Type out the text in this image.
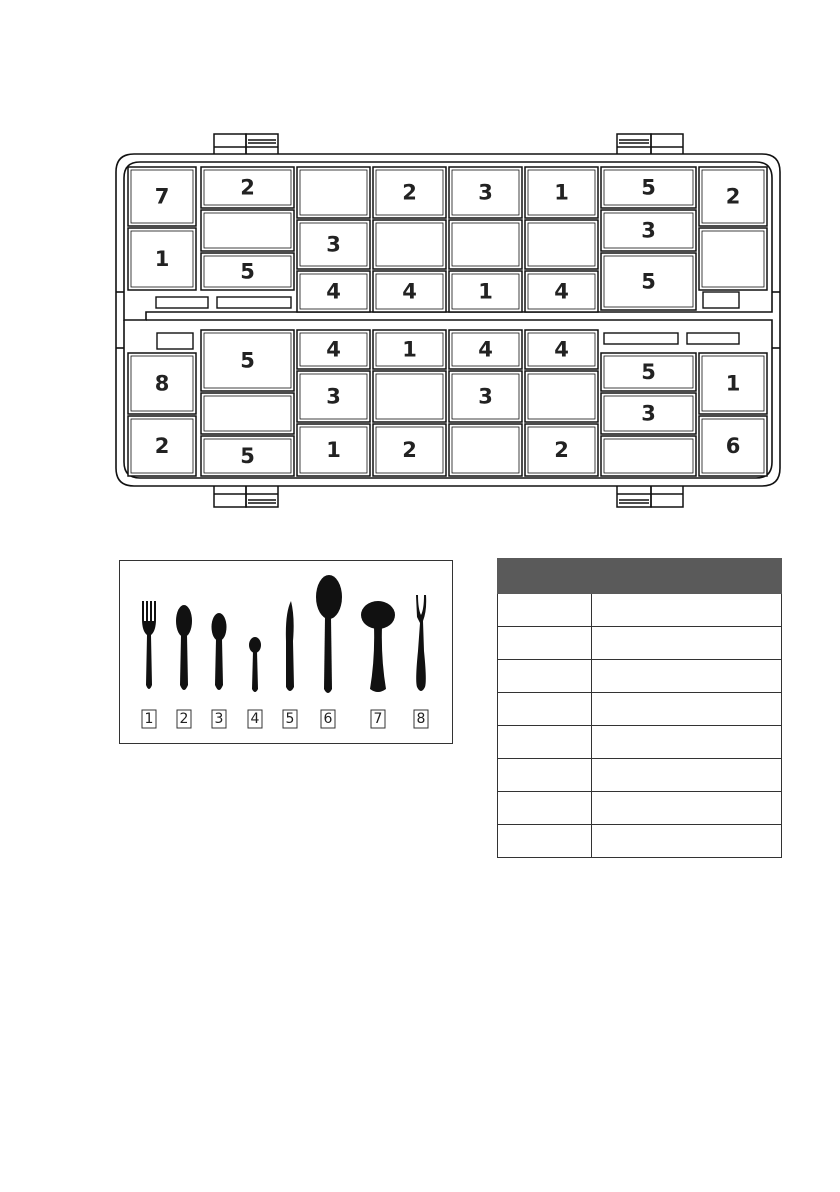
7
1
2
5
3
4
2
4
3
1
1
4
5
3
5
2
8
2
5
5
4
3
1
1
2
4
3
4
2
5
3
1
6
1 2 3 4 5 6	7 8
